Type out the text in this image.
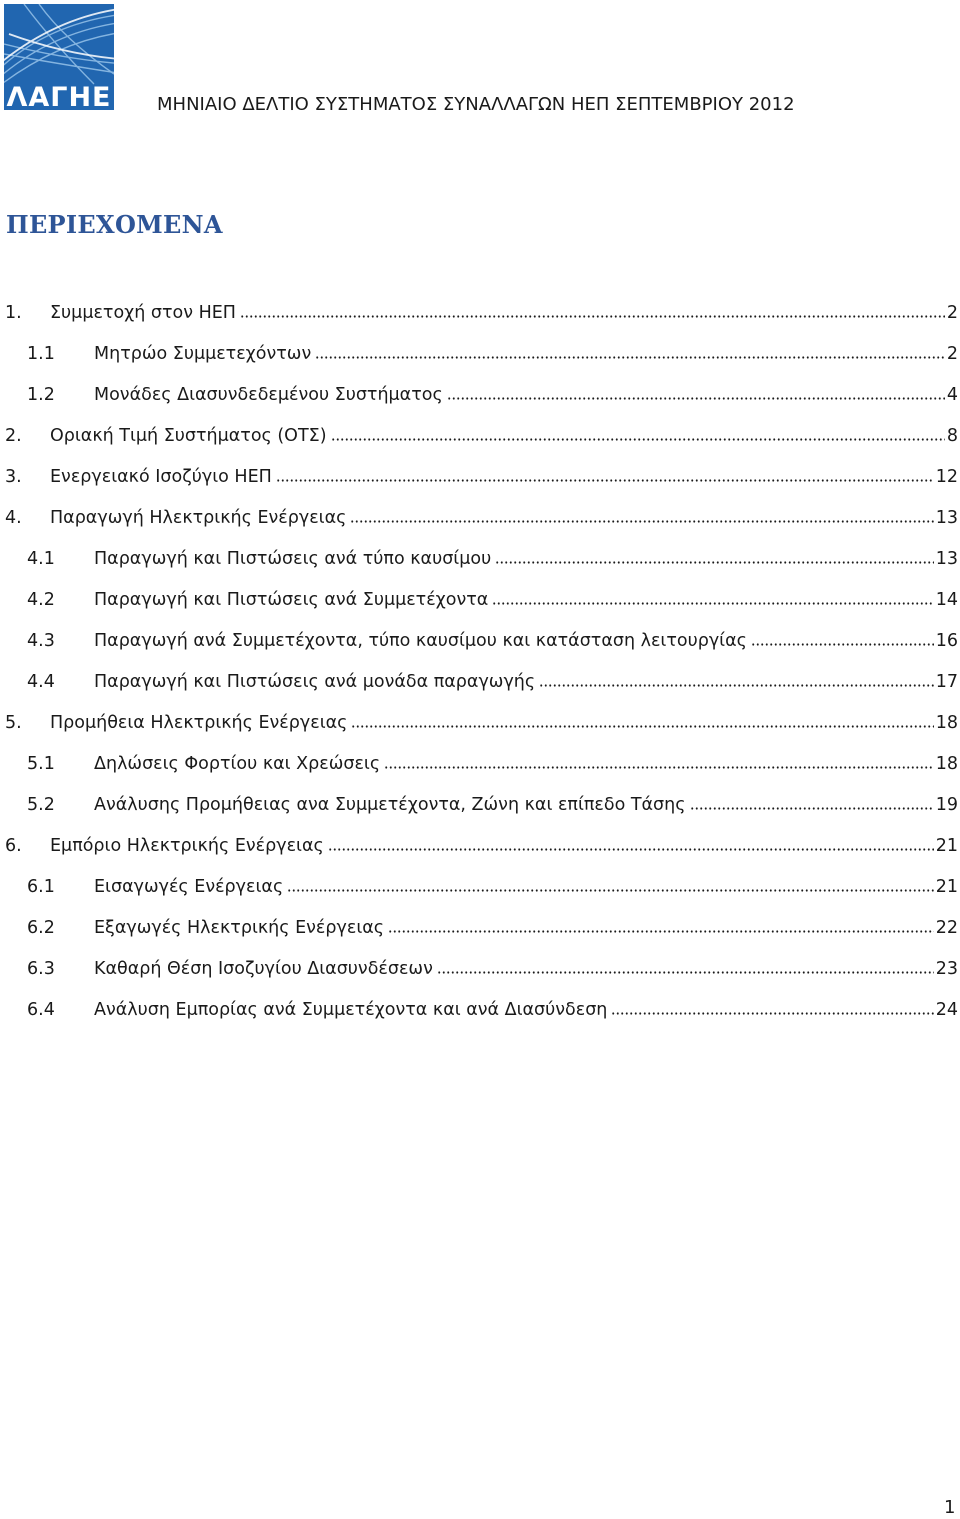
ΛΑΓΗΕ	ΜΗΝΙΑΙΟ ΔΕΛΤΙΟ ΣΥΣΤΗΜΑΤΟΣ ΣΥΝΑΛΛΑΓΩΝ ΗΕΠ ΣΕΠΤΕΜΒΡΙΟΥ 2012
ΠΕΡΙΕΧΟΜΕΝΑ
1.	Συμμετοχή στον ΗΕΠ	2
1.1	Μητρώο Συμμετεχόντων	2
1.2	Μονάδες Διασυνδεδεμένου Συστήματος	4
2.	Οριακή Τιμή Συστήματος (ΟΤΣ)	8
3.	Ενεργειακό Ισοζύγιο ΗΕΠ	12
4.	Παραγωγή Ηλεκτρικής Ενέργειας	13
4.1	Παραγωγή και Πιστώσεις ανά τύπο καυσίμου	13
4.2	Παραγωγή και Πιστώσεις ανά Συμμετέχοντα	14
4.3	Παραγωγή ανά Συμμετέχοντα, τύπο καυσίμου και κατάσταση λειτουργίας	16
4.4	Παραγωγή και Πιστώσεις ανά μονάδα παραγωγής	17
5.	Προμήθεια Ηλεκτρικής Ενέργειας	18
5.1	Δηλώσεις Φορτίου και Χρεώσεις	18
5.2	Ανάλυσης Προμήθειας ανα Συμμετέχοντα, Ζώνη και επίπεδο Τάσης	19
6.	Εμπόριο Ηλεκτρικής Ενέργειας	21
6.1	Εισαγωγές Ενέργειας	21
6.2	Εξαγωγές Ηλεκτρικής Ενέργειας	22
6.3	Καθαρή Θέση Ισοζυγίου Διασυνδέσεων	23
6.4	Ανάλυση Εμπορίας ανά Συμμετέχοντα και ανά Διασύνδεση	24
1
